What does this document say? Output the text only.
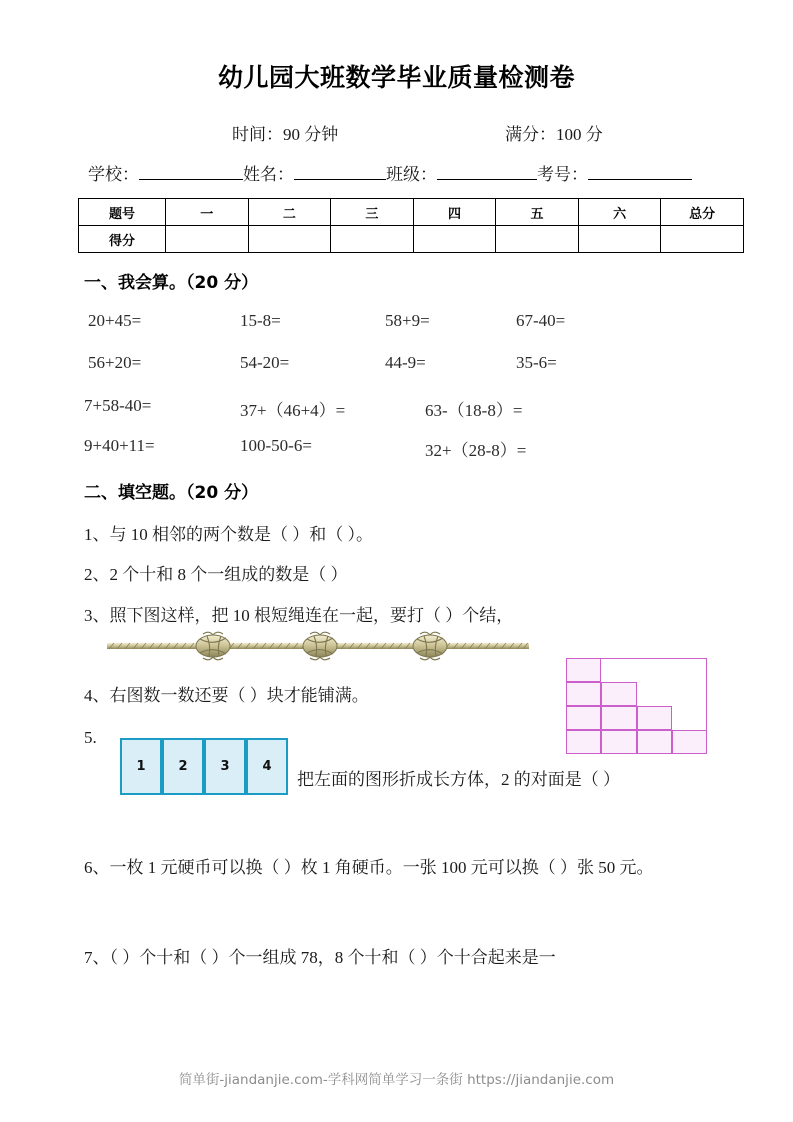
幼儿园大班数学毕业质量检测卷
时间：90 分钟	满分：100 分
学校：	姓名：	班级：	考号：
题号	一	二	三	四	五	六	总分
得分							
一、我会算。（20 分）
20+45=	15-8=	58+9=	67-40=
56+20=	54-20=	44-9=	35-6=
7+58-40=	37+（46+4）=	63-（18-8）=
9+40+11=	100-50-6=	32+（28-8）=
二、填空题。（20 分）
1、与 10 相邻的两个数是（ ）和（ ）。
2、2 个十和 8 个一组成的数是（ ）
3、照下图这样，把 10 根短绳连在一起，要打（ ）个结，
4、右图数一数还要（ ）块才能铺满。
5.
1	2	3	4
把左面的图形折成长方体，2 的对面是（ ）
6、一枚 1 元硬币可以换（ ）枚 1 角硬币。一张 100 元可以换（ ）张 50 元。
7、（ ）个十和（ ）个一组成 78，8 个十和（ ）个十合起来是一
简单街-jiandanjie.com-学科网简单学习一条街 https://jiandanjie.com
